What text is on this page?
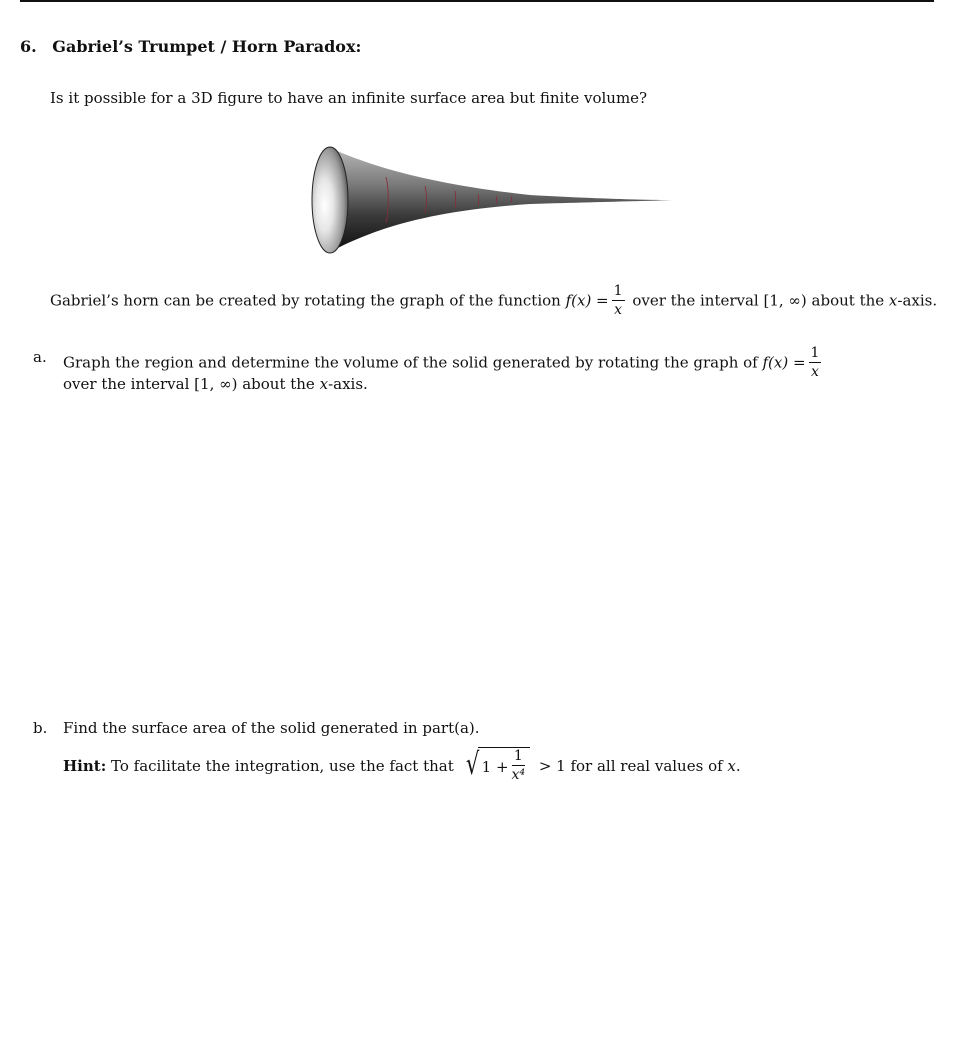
6. Gabriel’s Trumpet / Horn Paradox:
Is it possible for a 3D figure to have an infinite surface area but finite volume?
Gabriel’s horn can be created by rotating the graph of the function $f(x) = \frac{1}{x}$ over the interval [1, ∞) about the x-axis.
a. Graph the region and determine the volume of the solid generated by rotating the graph of $f(x) = \frac{1}{x}$
over the interval [1, ∞) about the x-axis.
b. Find the surface area of the solid generated in part(a).
Hint: To facilitate the integration, use the fact that √ $1 + \frac{1}{\text{x⁴}} > 1$ for all real values of x.
